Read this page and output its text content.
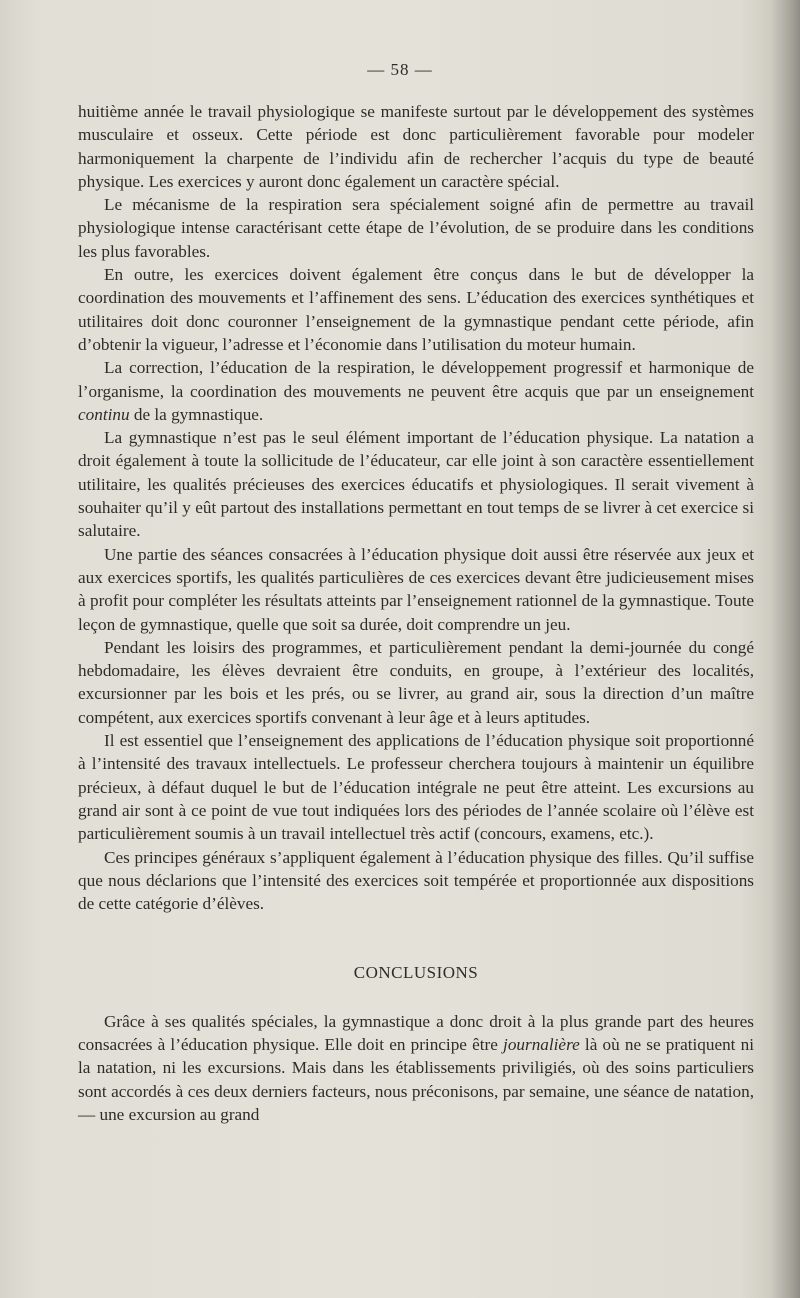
— 58 —

huitième année le travail physiologique se manifeste surtout par le développement des systèmes musculaire et osseux. Cette période est donc particulièrement favorable pour modeler harmoniquement la charpente de l’individu afin de rechercher l’acquis du type de beauté physique. Les exercices y auront donc également un caractère spécial.

Le mécanisme de la respiration sera spécialement soigné afin de permettre au travail physiologique intense caractérisant cette étape de l’évolution, de se produire dans les conditions les plus favorables.

En outre, les exercices doivent également être conçus dans le but de développer la coordination des mouvements et l’affinement des sens. L’éducation des exercices synthétiques et utilitaires doit donc couronner l’enseignement de la gymnastique pendant cette période, afin d’obtenir la vigueur, l’adresse et l’économie dans l’utilisation du moteur humain.

La correction, l’éducation de la respiration, le développement progressif et harmonique de l’organisme, la coordination des mouvements ne peuvent être acquis que par un enseignement continu de la gymnastique.

La gymnastique n’est pas le seul élément important de l’éducation physique. La natation a droit également à toute la sollicitude de l’éducateur, car elle joint à son caractère essentiellement utilitaire, les qualités précieuses des exercices éducatifs et physiologiques. Il serait vivement à souhaiter qu’il y eût partout des installations permettant en tout temps de se livrer à cet exercice si salutaire.

Une partie des séances consacrées à l’éducation physique doit aussi être réservée aux jeux et aux exercices sportifs, les qualités particulières de ces exercices devant être judicieusement mises à profit pour compléter les résultats atteints par l’enseignement rationnel de la gymnastique. Toute leçon de gymnastique, quelle que soit sa durée, doit comprendre un jeu.

Pendant les loisirs des programmes, et particulièrement pendant la demi-journée du congé hebdomadaire, les élèves devraient être conduits, en groupe, à l’extérieur des localités, excursionner par les bois et les prés, ou se livrer, au grand air, sous la direction d’un maître compétent, aux exercices sportifs convenant à leur âge et à leurs aptitudes.

Il est essentiel que l’enseignement des applications de l’éducation physique soit proportionné à l’intensité des travaux intellectuels. Le professeur cherchera toujours à maintenir un équilibre précieux, à défaut duquel le but de l’éducation intégrale ne peut être atteint. Les excursions au grand air sont à ce point de vue tout indiquées lors des périodes de l’année scolaire où l’élève est particulièrement soumis à un travail intellectuel très actif (concours, examens, etc.).

Ces principes généraux s’appliquent également à l’éducation physique des filles. Qu’il suffise que nous déclarions que l’intensité des exercices soit tempérée et proportionnée aux dispositions de cette catégorie d’élèves.

CONCLUSIONS

Grâce à ses qualités spéciales, la gymnastique a donc droit à la plus grande part des heures consacrées à l’éducation physique. Elle doit en principe être journalière là où ne se pratiquent ni la natation, ni les excursions. Mais dans les établissements priviligiés, où des soins particuliers sont accordés à ces deux derniers facteurs, nous préconisons, par semaine, une séance de natation, — une excursion au grand
